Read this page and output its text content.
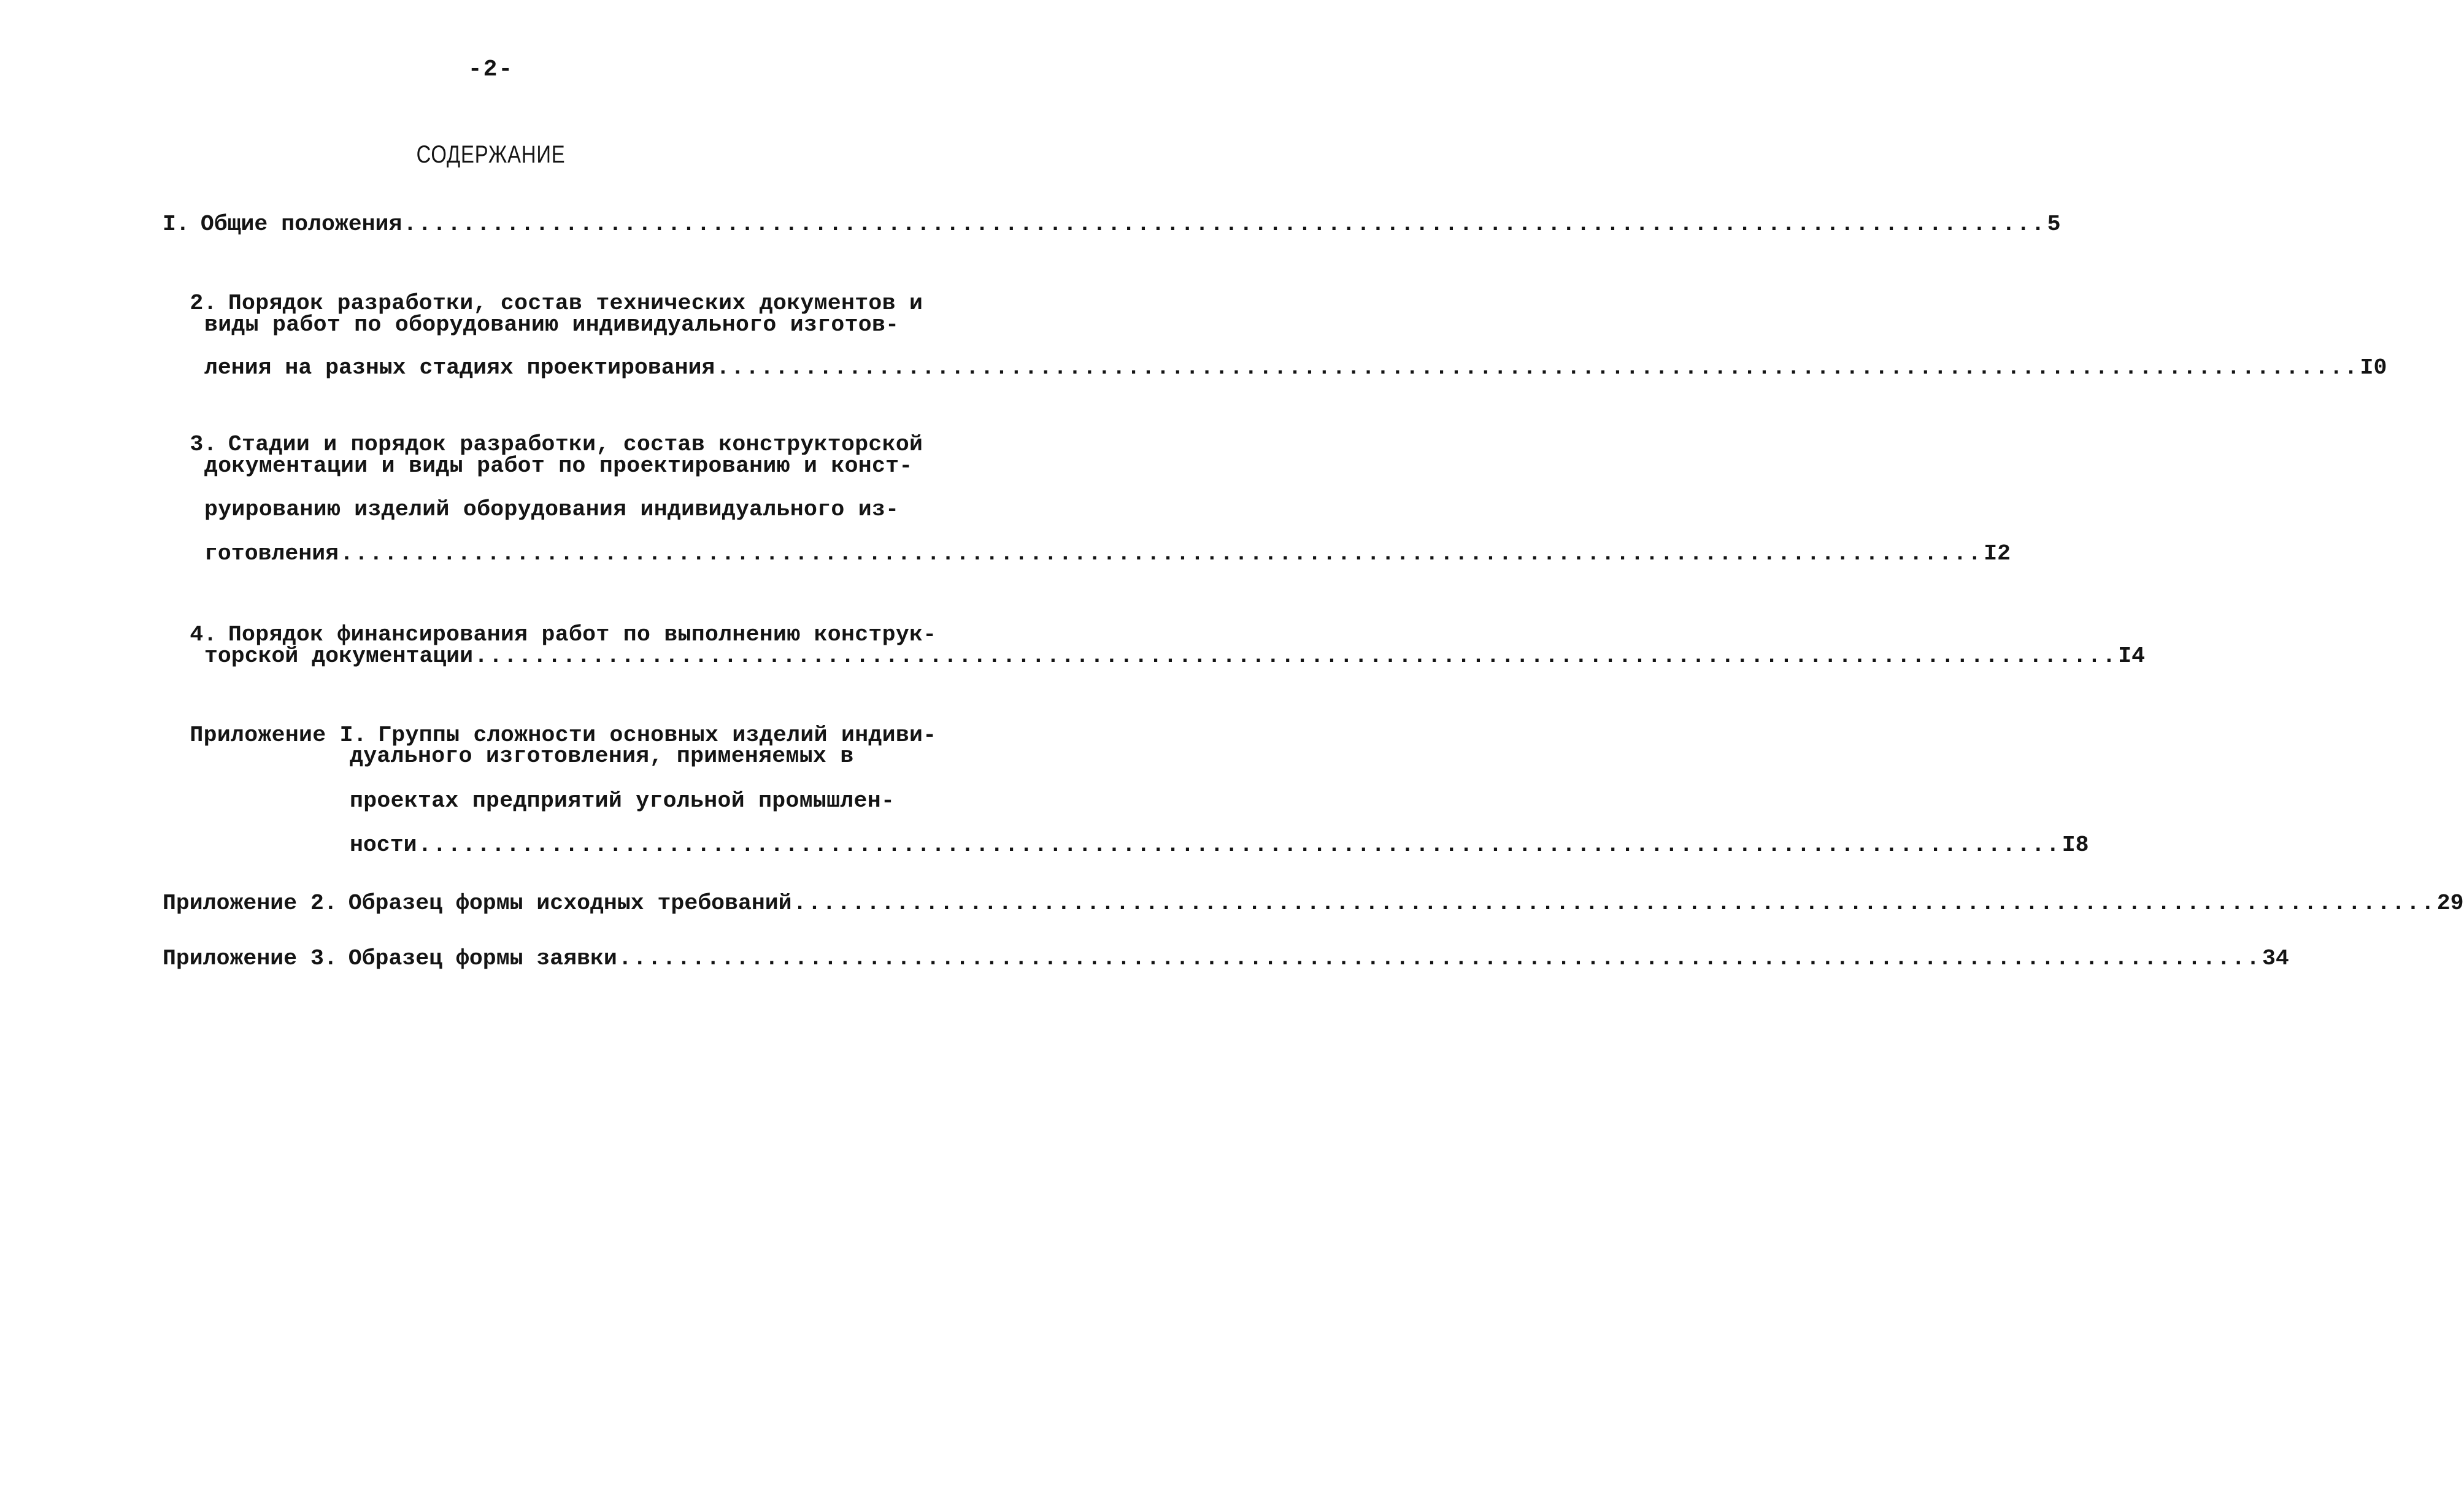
-2-
СОДЕРЖАНИЕ
I. Общие положения ................................................................................................................ 5

2. Порядок разработки, состав технических документов и

виды работ по оборудованию индивидуального изготов-
ления на разных стадиях проектирования ................................................................................................................ I0

3. Стадии и порядок разработки, состав конструкторской

документации и виды работ по проектированию и конст-
руированию изделий оборудования индивидуального из-
готовления ................................................................................................................ I2

4. Порядок финансирования работ по выполнению конструк-

торской документации ................................................................................................................ I4

Приложение I. Группы сложности основных изделий индиви-

дуального изготовления, применяемых в
проектах предприятий угольной промышлен-
ности ................................................................................................................ I8
Приложение 2. Образец формы исходных требований ................................................................................................................ 29
Приложение 3. Образец формы заявки ................................................................................................................ 34
